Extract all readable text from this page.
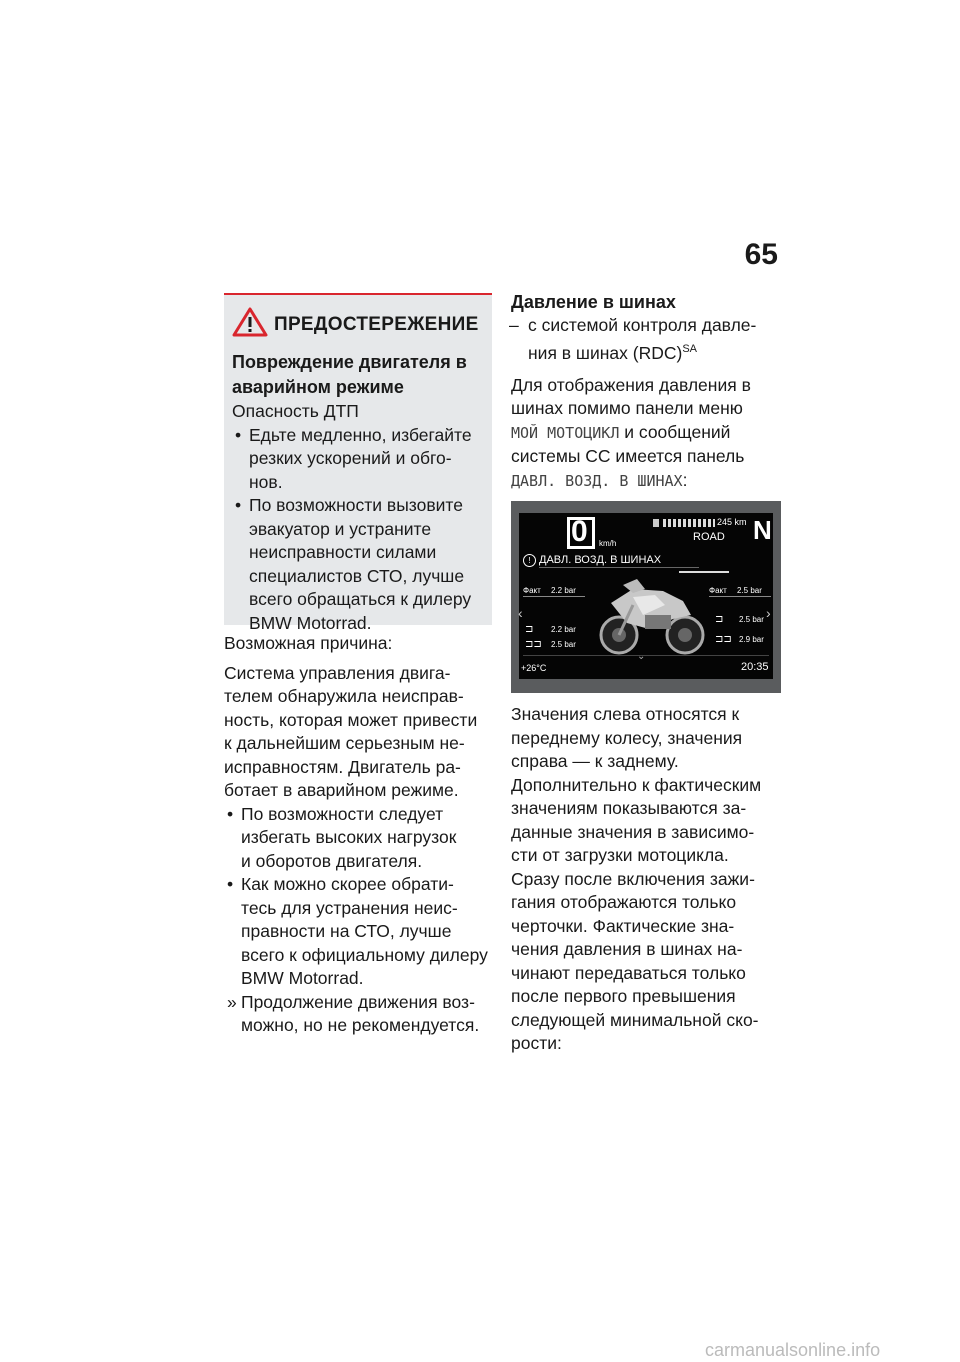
65
ПРЕДОСТЕРЕЖЕНИЕ
Повреждение двигателя в
аварийном режиме
Опасность ДТП
• Едьте медленно, избегайте
резких ускорений и обго-
нов.
• По возможности вызовите
эвакуатор и устраните
неисправности силами
специалистов СТО, лучше
всего обращаться к дилеру
BMW Motorrad.
Возможная причина:
Система управления двига-
телем обнаружила неисправ-
ность, которая может привести
к дальнейшим серьезным не-
исправностям. Двигатель ра-
ботает в аварийном режиме.
• По возможности следует
избегать высоких нагрузок
и оборотов двигателя.
• Как можно скорее обрати-
тесь для устранения неис-
правности на СТО, лучше
всего к официальному дилеру
BMW Motorrad.
» Продолжение движения воз-
можно, но не рекомендуется.
Давление в шинах
– с системой контроля давле-
ния в шинах (RDC)$^{SA}$
Для отображения давления в
шинах помимо панели меню
МОЙ МОТОЦИКЛ и сообщений
системы СС имеется панель
ДАВЛ. ВОЗД. В ШИНАХ:
0 km/h
245 km
ROAD N
! ДАВЛ. ВОЗД. В ШИНАХ
Факт 2.2 bar	Факт 2.5 bar
‹	›
⊐ 2.2 bar
⊐⊐ 2.5 bar
⊐ 2.5 bar
⊐⊐ 2.9 bar
⌄
+26°C	20:35
Значения слева относятся к
переднему колесу, значения
справа — к заднему.
Дополнительно к фактическим
значениям показываются за-
данные значения в зависимо-
сти от загрузки мотоцикла.
Сразу после включения зажи-
гания отображаются только
черточки. Фактические зна-
чения давления в шинах на-
чинают передаваться только
после первого превышения
следующей минимальной ско-
рости:
carmanualsonline.info
